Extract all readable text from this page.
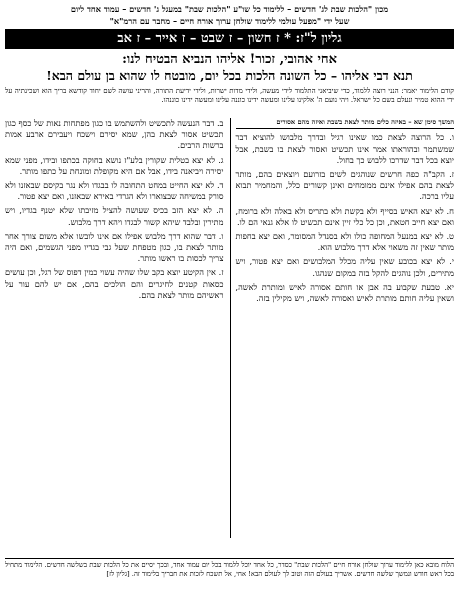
מכון "הלכות שבת לג' חדשים – ללימוד כל שו"ע "הלכות שבת" במעגל ג' חדשים – עמוד אחד ליום
שעל ידי "מפעל עולמי ללימוד שולחן ערוך אורח חיים – מחבר עם הרמ"א"
גליון ל"ז: * ז חשון – ז שבט – ז אייר – ז אב
אחי אהובי, זכור! אליהו הנביא הבטיח לנו:
תנא דבי אליהו – כל השונה הלכות בכל יום, מובטח לו שהוא בן עולם הבא!
קודם הלימוד יאמר: הנני רוצה ללמוד, כדי שיביאני התלמוד לידי מעשה, ולידי מדות ישרות, ולידי ידיעת התורה, והריני עושה לשם יחוד קודשא בריך הוא ושכינתיה על ידי ההוא טמיר ונעלם בשם כל ישראל. ויהי נועם ה' אלקינו עלינו ומעשה ידינו כוננה עלינו ומעשה ידינו כוננהו.
המשך סימן שא – באיזה כלים מותר לצאת בשבת ואיזה מהם אסורים

ו. כל הרוצה לצאת כמו שאינו רגיל ובדרך מלבושו להוציא דבר שמשתמר ובהוראתו אמר אינו תכשיט ואסור לצאת בו בשבת, אבל יוצא בכל דבר שדרכו ללבוש כך בחול.

ז. הקב"ה כפה חרשים שנוהגים לשים בזרועם ויוצאים בהם, מותר לצאת בהם אפילו אינם ממומחים ואינן קשורים כלל, והמחמיר תבוא עליו ברכה.

ח. לא יצא האיש בסייף ולא בקשת ולא בתריס ולא באלה ולא ברומח, ואם יצא חייב חטאת, וכן כל כלי זיין אינם תכשיט לו אלא גנאי הם לו.

ט. לא יצא במנעל המחופה כולו ולא בסנדל המסומר, ואם יצא בחפות מותר שאין זה משאוי אלא דרך מלבוש הוא.

י. לא יצא בכובע שאין עליה מכלל המלבושים ואם יצא פטור, ויש מתירים, ולכן נוהגים להקל בזה במקום שנהגו.

יא. טבעת שקבוע בה אבן או חותם אסורה לאיש ומותרת לאשה, ושאין עליה חותם מותרת לאיש ואסורה לאשה, ויש מקילין בזה.

ב. דבר הנעשה לתכשיט ולהשתמש בו כגון מפתחות נאות של כסף כגון תכשיט אסור לצאת בהן, שמא יסירם וישכח ויעבירם ארבע אמות ברשות הרבים.

ג. לא יצא בטלית שקורין בלע"ז נושא בחוקה בכתפו ובידו, מפני שמא יסירה ויביאנה בידו, אבל אם היא מקופלת ומונחת על כתפו מותר.

ד. לא יצא החייט במחט התחובה לו בבגדו ולא נגר בקיסם שבאזנו ולא סורק במשיחה שבצוארו ולא הגרדי באירא שבאזנו, ואם יצא פטור.

ה. לא יצא הזב בכיס שעושה להציל מזיבתו שלא יטנף בגדיו, ויש מתירין ובלבד שיהא קשור לבגדו ויהא דרך מלבוש.

ו. דבר שהוא דרך מלבוש אפילו אם אינו לובשו אלא משום צורך אחר מותר לצאת בו, כגון מטפחת שעל גבי בגדיו מפני הגשמים, ואם היה צריך לכסות בו ראשו מותר.

ז. אין הקיטע יוצא בקב שלו שהיה עשוי כמין דפוס של רגל, וכן עושים כסאות קטנים לחיגרים והם הולכים בהם, אם יש להם עור על ראשיהם מותר לצאת בהם.

הלוח מובא כאן ללימוד ערוך שולחן אורח חיים "הלכות שבת" כסדר, כל אחד יוכל ללמוד בכל יום עמוד אחד, ובכך יסיים את כל הלכות שבת בשלשה חדשים. הלימוד מתחיל בכל ראש חודש ונמשך שלשה חדשים. אשריך בעולם הזה וטוב לך לעולם הבא! אחי, אל תשכח לזכות את חבריך בלימוד זה. [גליון לז]
